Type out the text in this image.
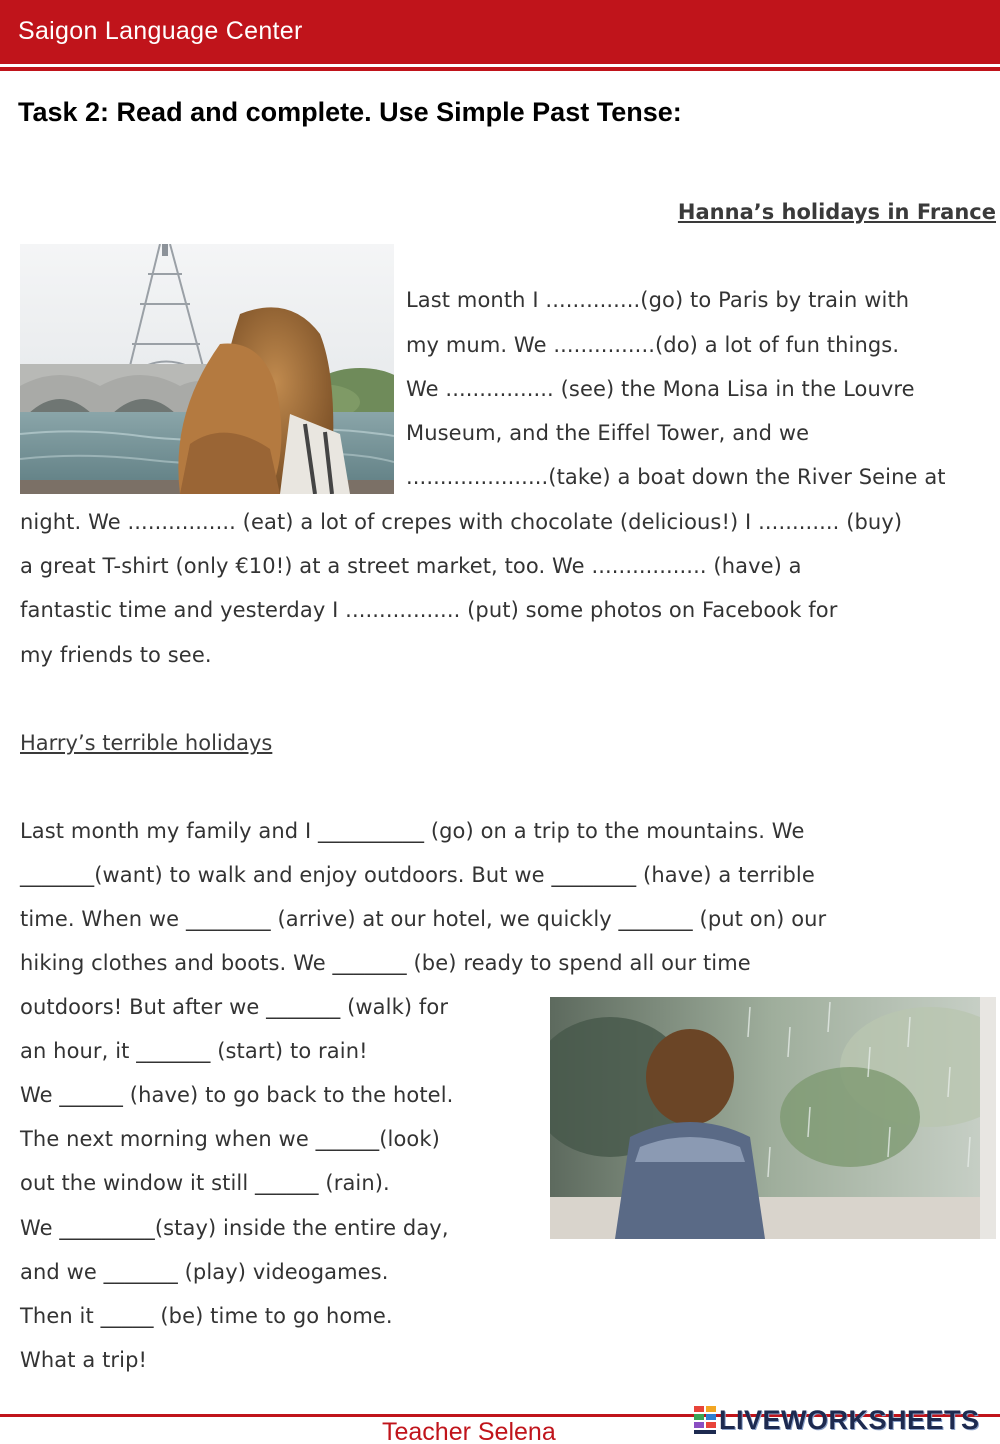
Saigon Language Center
Task 2: Read and complete. Use Simple Past Tense:
Hanna’s holidays in France
Last month I ..............(go) to Paris by train with
my mum. We ...............(do) a lot of fun things.
We ................ (see) the Mona Lisa in the Louvre
Museum, and the Eiffel Tower, and we
.....................(take) a boat down the River Seine at
night. We ................ (eat) a lot of crepes with chocolate (delicious!) I ............ (buy)
a great T-shirt (only €10!) at a street market, too. We ................. (have) a
fantastic time and yesterday I ................. (put) some photos on Facebook for
my friends to see.
Harry’s terrible holidays
Last month my family and I __________ (go) on a trip to the mountains. We
_______(want) to walk and enjoy outdoors. But we ________ (have) a terrible
time. When we ________ (arrive) at our hotel, we quickly _______ (put on) our
hiking clothes and boots. We _______ (be) ready to spend all our time
outdoors! But after we _______ (walk) for
an hour, it _______ (start) to rain!
We ______ (have) to go back to the hotel.
The next morning when we ______(look)
out the window it still ______ (rain).
We _________(stay) inside the entire day,
and we _______ (play) videogames.
Then it _____ (be) time to go home.
What a trip!
Teacher Selena	LIVEWORKSHEETS
